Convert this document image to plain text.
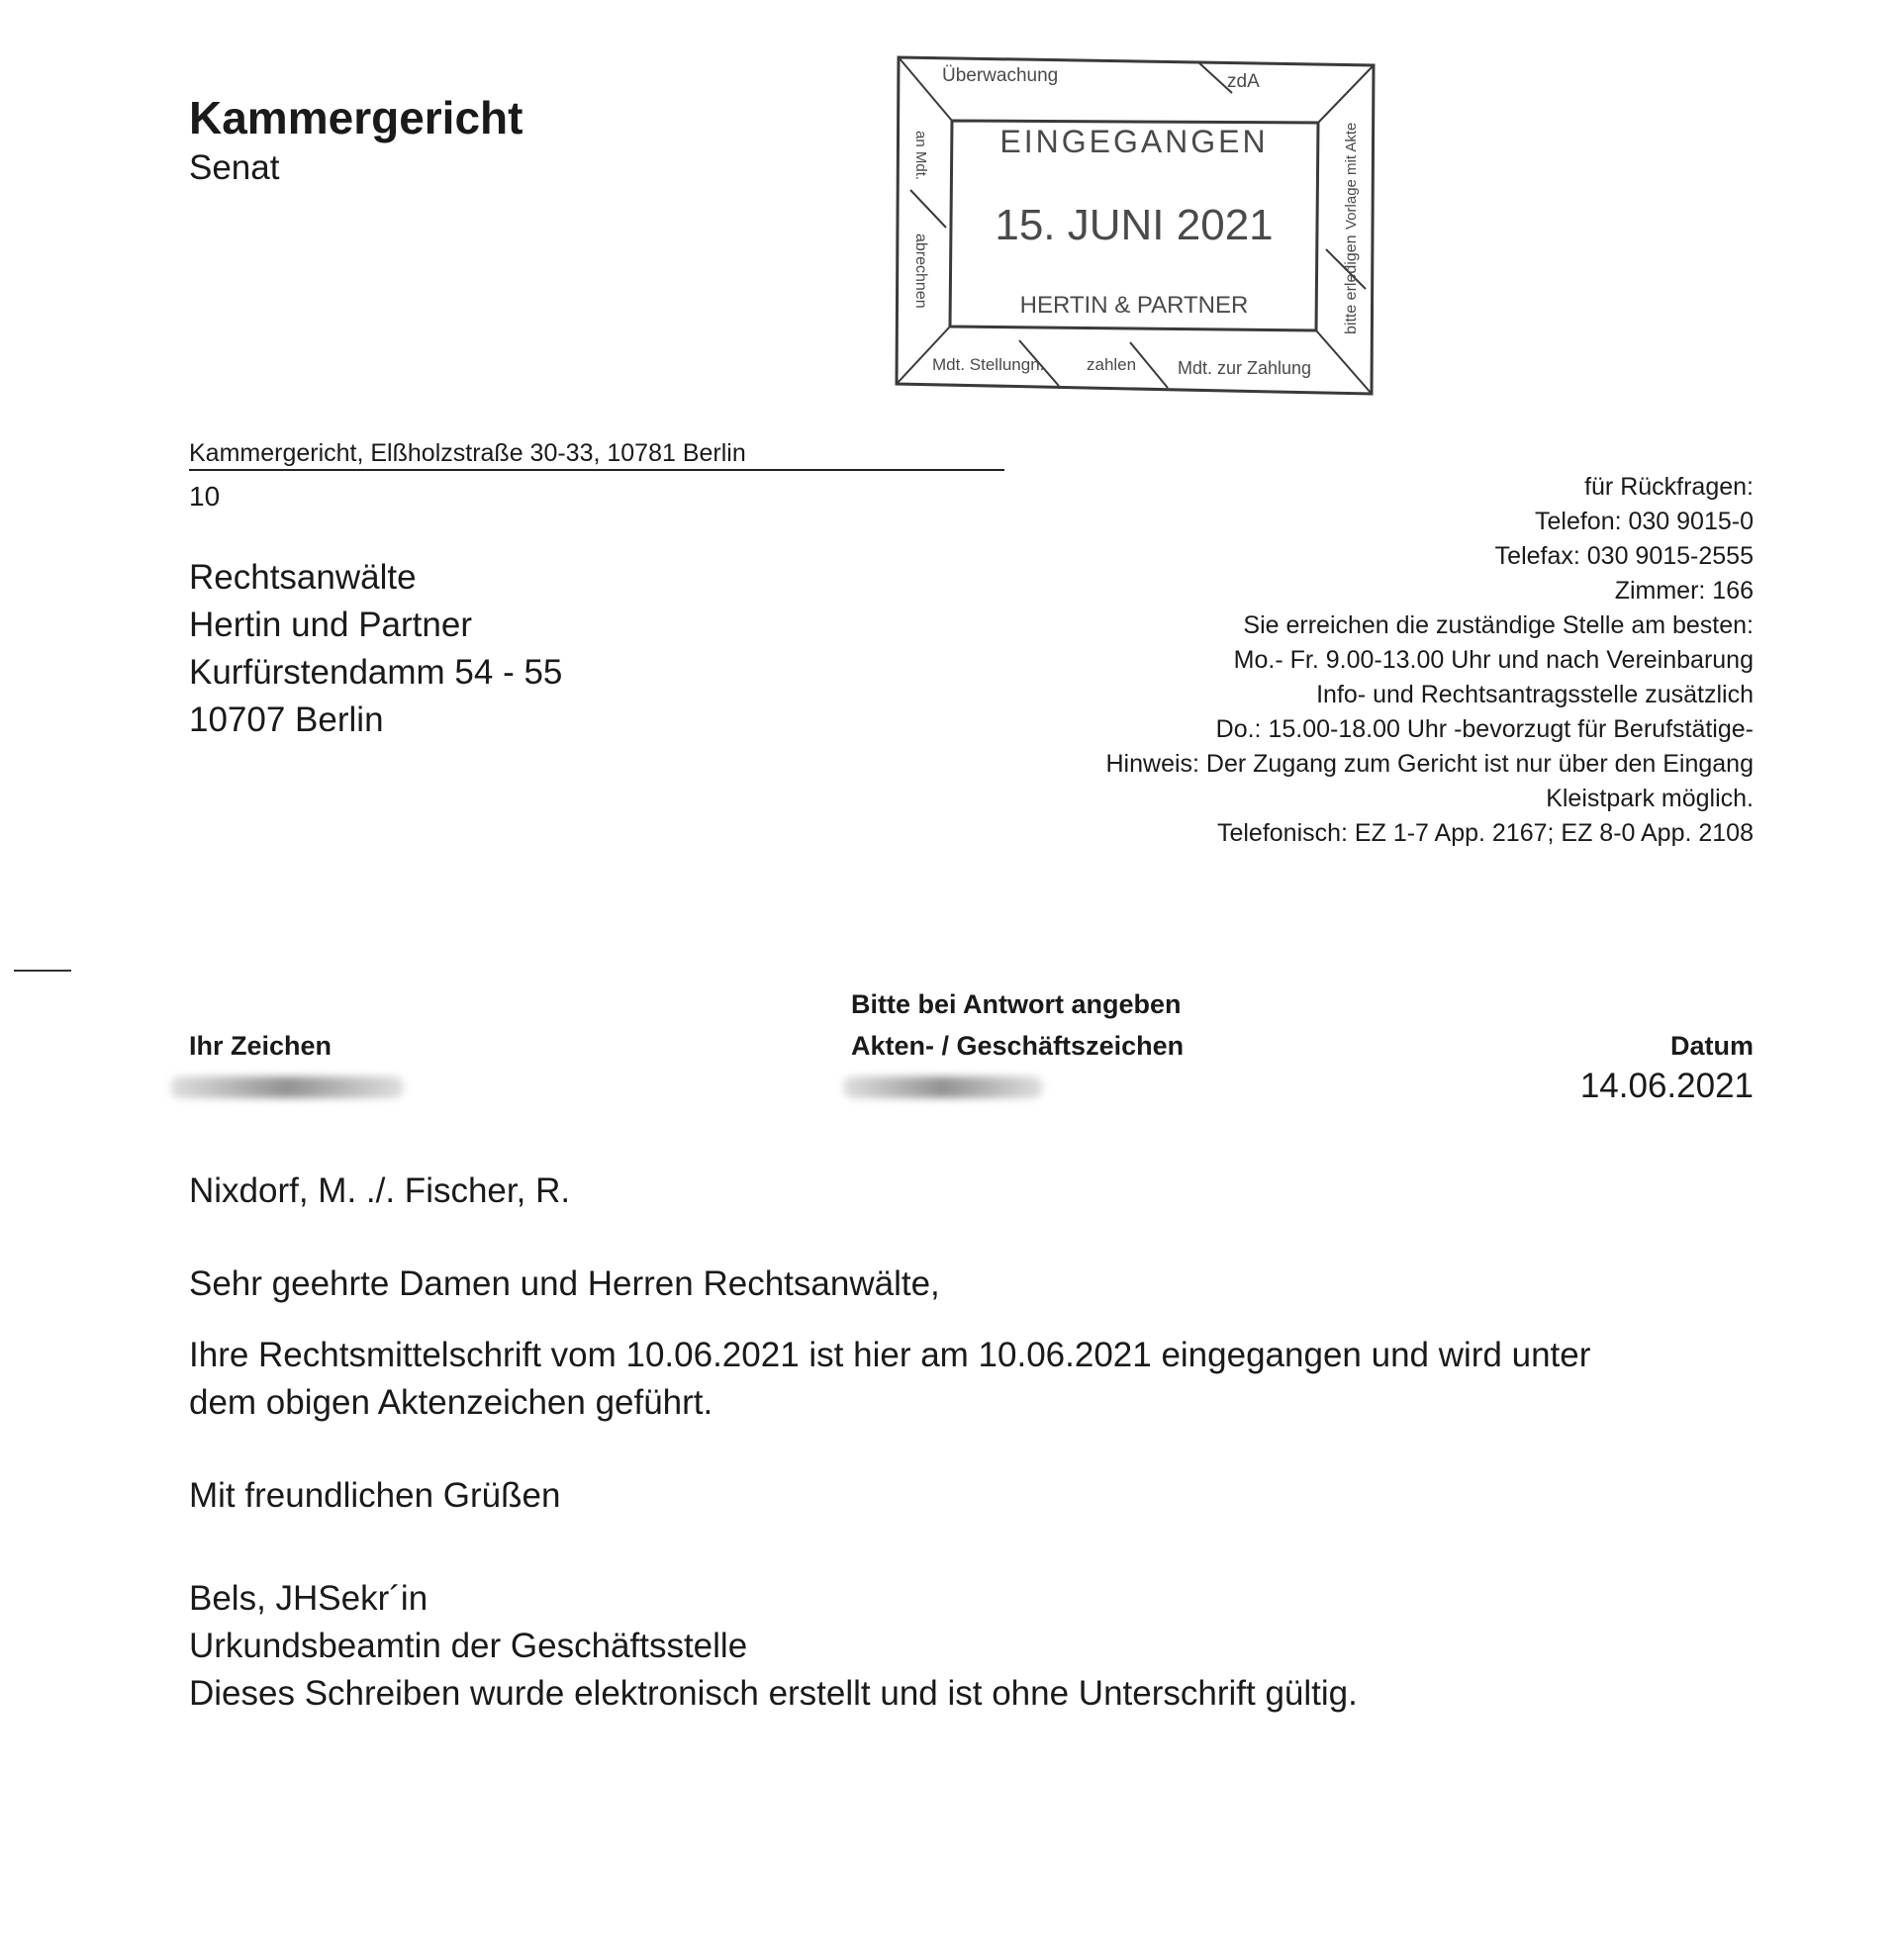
Kammergericht
Senat
Überwachung	zdA
an Mdt.
abrechnen
Vorlage mit Akte
bitte erledigen
Mdt. Stellungn.	zahlen Mdt. zur Zahlung
EINGEGANGEN
15. JUNI 2021
HERTIN & PARTNER
Kammergericht, Elßholzstraße 30-33, 10781 Berlin
10
Rechtsanwälte
Hertin und Partner
Kurfürstendamm 54 - 55
10707 Berlin
für Rückfragen:
Telefon: 030 9015-0
Telefax: 030 9015-2555
Zimmer: 166
Sie erreichen die zuständige Stelle am besten:
Mo.- Fr. 9.00-13.00 Uhr und nach Vereinbarung
Info- und Rechtsantragsstelle zusätzlich
Do.: 15.00-18.00 Uhr -bevorzugt für Berufstätige-
Hinweis: Der Zugang zum Gericht ist nur über den Eingang
Kleistpark möglich.
Telefonisch: EZ 1-7 App. 2167; EZ 8-0 App. 2108
Bitte bei Antwort angeben
Ihr Zeichen	Akten- / Geschäftszeichen	Datum
14.06.2021
Nixdorf, M. ./. Fischer, R.
Sehr geehrte Damen und Herren Rechtsanwälte,
Ihre Rechtsmittelschrift vom 10.06.2021 ist hier am 10.06.2021 eingegangen und wird unter
dem obigen Aktenzeichen geführt.
Mit freundlichen Grüßen
Bels, JHSekr´in
Urkundsbeamtin der Geschäftsstelle
Dieses Schreiben wurde elektronisch erstellt und ist ohne Unterschrift gültig.
